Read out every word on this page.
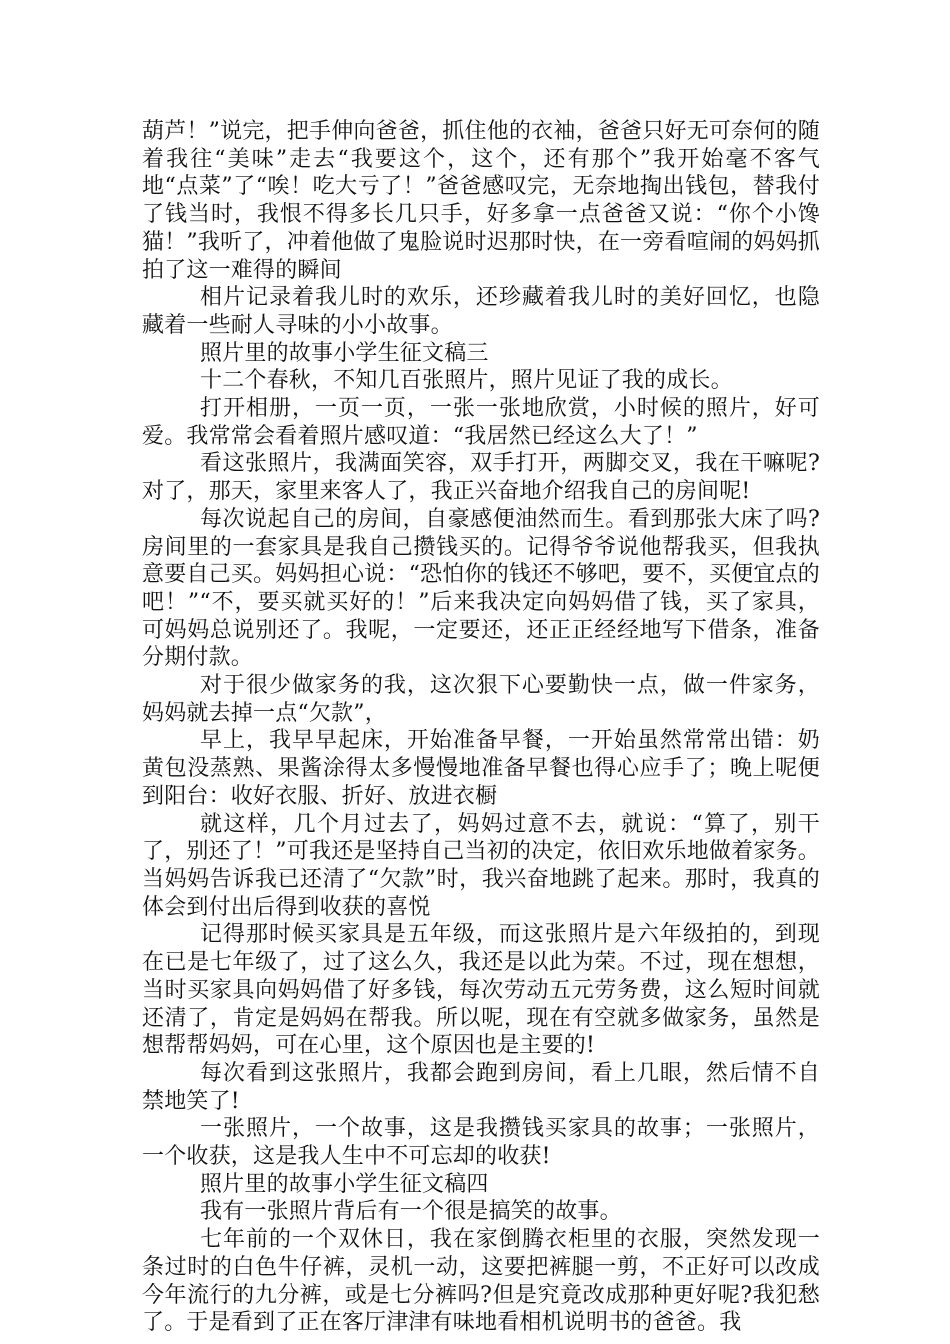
葫芦！”说完，把手伸向爸爸，抓住他的衣袖，爸爸只好无可奈何的随着我往“美味”走去“我要这个，这个，还有那个”我开始毫不客气地“点菜”了“唉！吃大亏了！”爸爸感叹完，无奈地掏出钱包，替我付了钱当时，我恨不得多长几只手，好多拿一点爸爸又说：“你个小馋猫！”我听了，冲着他做了鬼脸说时迟那时快，在一旁看喧闹的妈妈抓拍了这一难得的瞬间

相片记录着我儿时的欢乐，还珍藏着我儿时的美好回忆，也隐藏着一些耐人寻味的小小故事。

照片里的故事小学生征文稿三

十二个春秋，不知几百张照片，照片见证了我的成长。

打开相册，一页一页，一张一张地欣赏，小时候的照片，好可爱。我常常会看着照片感叹道：“我居然已经这么大了！”

看这张照片，我满面笑容，双手打开，两脚交叉，我在干嘛呢?对了，那天，家里来客人了，我正兴奋地介绍我自己的房间呢!

每次说起自己的房间，自豪感便油然而生。看到那张大床了吗?房间里的一套家具是我自己攒钱买的。记得爷爷说他帮我买，但我执意要自己买。妈妈担心说：“恐怕你的钱还不够吧，要不，买便宜点的吧！”“不，要买就买好的！”后来我决定向妈妈借了钱，买了家具，可妈妈总说别还了。我呢，一定要还，还正正经经地写下借条，准备分期付款。

对于很少做家务的我，这次狠下心要勤快一点，做一件家务，妈妈就去掉一点“欠款”，

早上，我早早起床，开始准备早餐，一开始虽然常常出错：奶黄包没蒸熟、果酱涂得太多慢慢地准备早餐也得心应手了；晚上呢便到阳台：收好衣服、折好、放进衣橱

就这样，几个月过去了，妈妈过意不去，就说：“算了，别干了，别还了！”可我还是坚持自己当初的决定，依旧欢乐地做着家务。当妈妈告诉我已还清了“欠款”时，我兴奋地跳了起来。那时，我真的体会到付出后得到收获的喜悦

记得那时候买家具是五年级，而这张照片是六年级拍的，到现在已是七年级了，过了这么久，我还是以此为荣。不过，现在想想，当时买家具向妈妈借了好多钱，每次劳动五元劳务费，这么短时间就还清了，肯定是妈妈在帮我。所以呢，现在有空就多做家务，虽然是想帮帮妈妈，可在心里，这个原因也是主要的!

每次看到这张照片，我都会跑到房间，看上几眼，然后情不自禁地笑了!

一张照片，一个故事，这是我攒钱买家具的故事；一张照片，一个收获，这是我人生中不可忘却的收获!

照片里的故事小学生征文稿四

我有一张照片背后有一个很是搞笑的故事。

七年前的一个双休日，我在家倒腾衣柜里的衣服，突然发现一条过时的白色牛仔裤，灵机一动，这要把裤腿一剪，不正好可以改成今年流行的九分裤，或是七分裤吗?但是究竟改成那种更好呢?我犯愁了。于是看到了正在客厅津津有味地看相机说明书的爸爸。我
